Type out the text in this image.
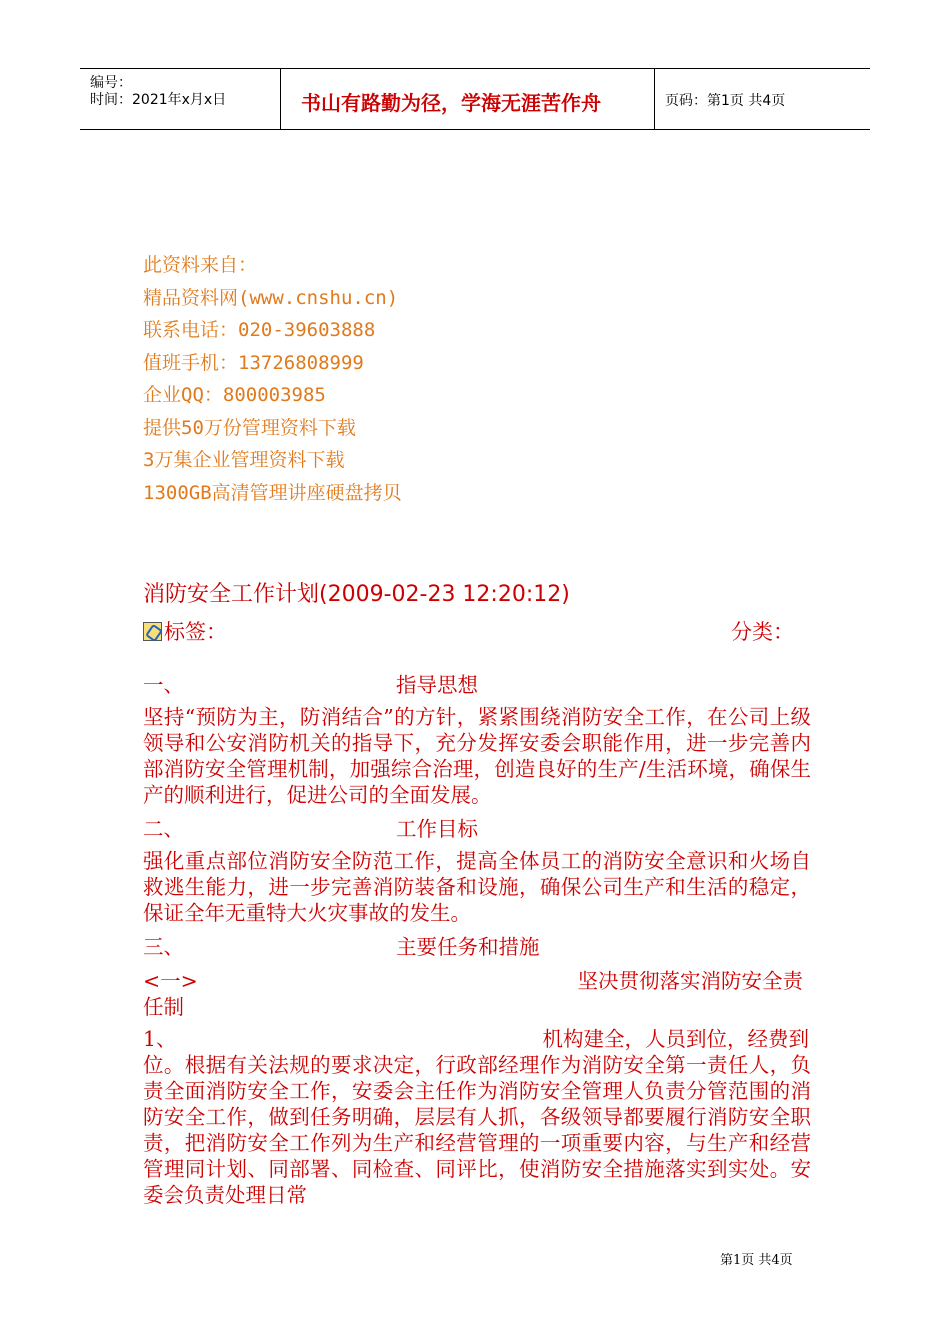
编号：
时间：2021年x月x日	书山有路勤为径，学海无涯苦作舟	页码：第1页 共4页
此资料来自：
精品资料网(www.cnshu.cn)
联系电话：020-39603888
值班手机：13726808999
企业QQ：800003985
提供50万份管理资料下载
3万集企业管理资料下载
1300GB高清管理讲座硬盘拷贝
消防安全工作计划(2009-02-23 12:20:12)
标签：	分类：
一、	指导思想
坚持“预防为主，防消结合”的方针，紧紧围绕消防安全工作，在公司上级领导和公安消防机关的指导下，充分发挥安委会职能作用，进一步完善内部消防安全管理机制，加强综合治理，创造良好的生产/生活环境，确保生产的顺利进行，促进公司的全面发展。
二、	工作目标
强化重点部位消防安全防范工作，提高全体员工的消防安全意识和火场自救逃生能力，进一步完善消防装备和设施，确保公司生产和生活的稳定，保证全年无重特大火灾事故的发生。
三、	主要任务和措施
<一>	坚决贯彻落实消防安全责
任制
1、	机构建全，人员到位，经费到
位。根据有关法规的要求决定，行政部经理作为消防安全第一责任人，负责全面消防安全工作，安委会主任作为消防安全管理人负责分管范围的消防安全工作，做到任务明确，层层有人抓，各级领导都要履行消防安全职责，把消防安全工作列为生产和经营管理的一项重要内容，与生产和经营管理同计划、同部署、同检查、同评比，使消防安全措施落实到实处。安委会负责处理日常
第1页 共4页
